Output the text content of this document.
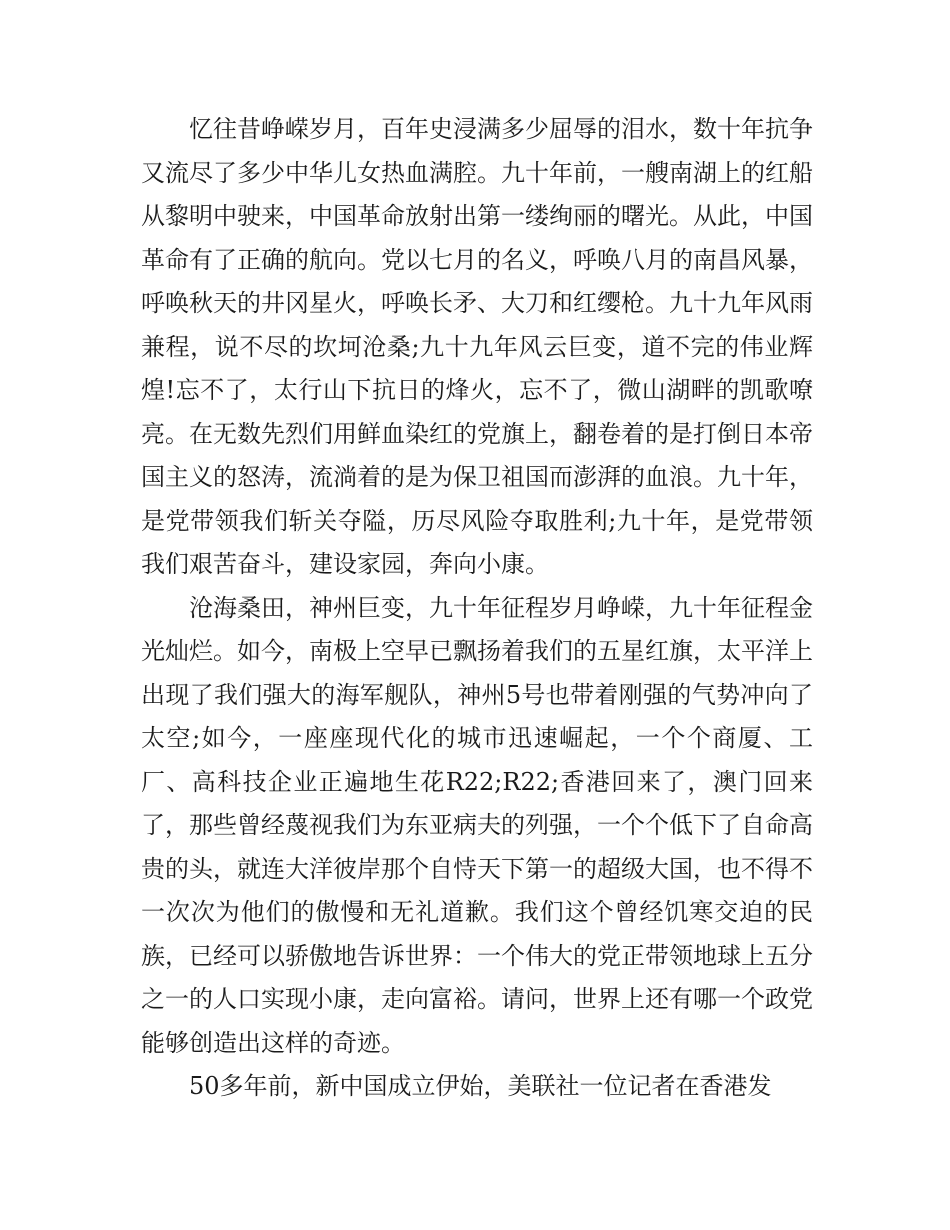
忆往昔峥嵘岁月，百年史浸满多少屈辱的泪水，数十年抗争又流尽了多少中华儿女热血满腔。九十年前，一艘南湖上的红船从黎明中驶来，中国革命放射出第一缕绚丽的曙光。从此，中国革命有了正确的航向。党以七月的名义，呼唤八月的南昌风暴，呼唤秋天的井冈星火，呼唤长矛、大刀和红缨枪。九十九年风雨兼程，说不尽的坎坷沧桑;九十九年风云巨变，道不完的伟业辉煌!忘不了，太行山下抗日的烽火，忘不了，微山湖畔的凯歌嘹亮。在无数先烈们用鲜血染红的党旗上，翻卷着的是打倒日本帝国主义的怒涛，流淌着的是为保卫祖国而澎湃的血浪。九十年，是党带领我们斩关夺隘，历尽风险夺取胜利;九十年，是党带领我们艰苦奋斗，建设家园，奔向小康。

沧海桑田，神州巨变，九十年征程岁月峥嵘，九十年征程金光灿烂。如今，南极上空早已飘扬着我们的五星红旗，太平洋上出现了我们强大的海军舰队，神州5号也带着刚强的气势冲向了太空;如今，一座座现代化的城市迅速崛起，一个个商厦、工厂、高科技企业正遍地生花R22;R22;香港回来了，澳门回来了，那些曾经蔑视我们为东亚病夫的列强，一个个低下了自命高贵的头，就连大洋彼岸那个自恃天下第一的超级大国，也不得不一次次为他们的傲慢和无礼道歉。我们这个曾经饥寒交迫的民族，已经可以骄傲地告诉世界：一个伟大的党正带领地球上五分之一的人口实现小康，走向富裕。请问，世界上还有哪一个政党能够创造出这样的奇迹。

50多年前，新中国成立伊始，美联社一位记者在香港发
